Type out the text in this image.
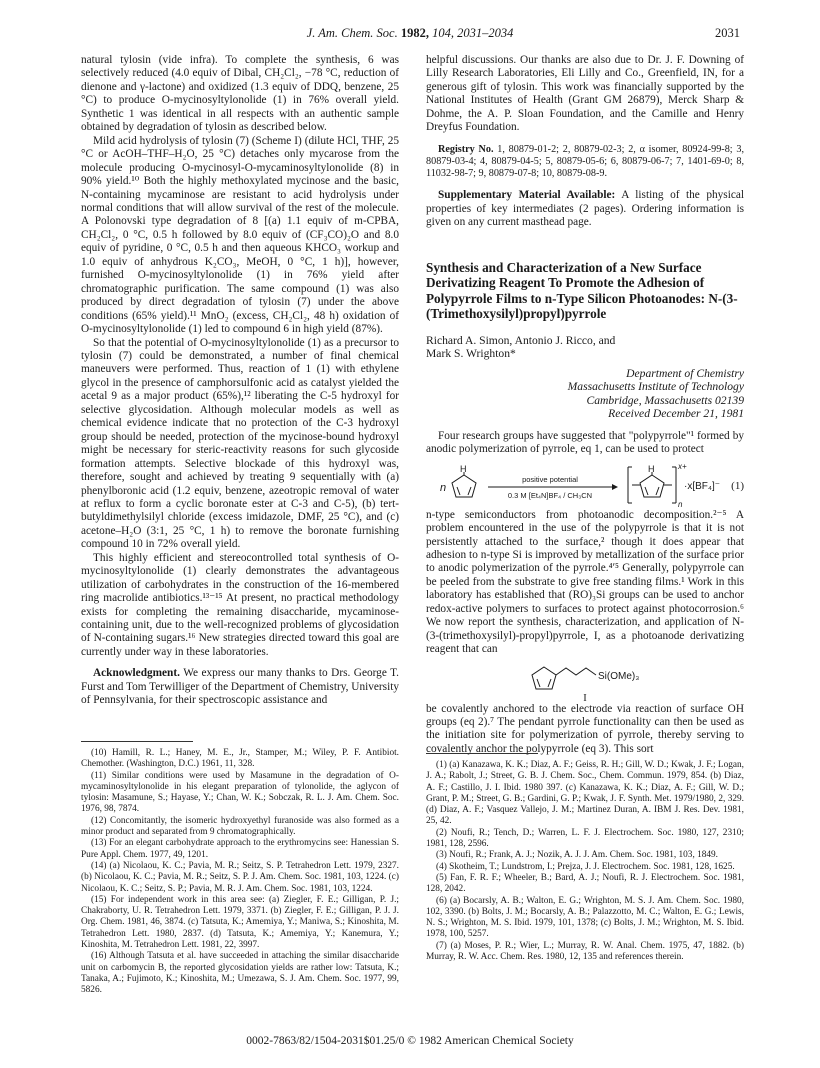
J. Am. Chem. Soc. 1982, 104, 2031–2034	2031

natural tylosin (vide infra). To complete the synthesis, 6 was selectively reduced (4.0 equiv of Dibal, CH₂Cl₂, −78 °C, reduction of dienone and γ-lactone) and oxidized (1.3 equiv of DDQ, benzene, 25 °C) to produce O-mycinosyltylonolide (1) in 76% overall yield. Synthetic 1 was identical in all respects with an authentic sample obtained by degradation of tylosin as described below.

Mild acid hydrolysis of tylosin (7) (Scheme I) (dilute HCl, THF, 25 °C or AcOH–THF–H₂O, 25 °C) detaches only mycarose from the molecule producing O-mycinosyl-O-mycaminosyltylonolide (8) in 90% yield.¹⁰ Both the highly methoxylated mycinose and the basic, N-containing mycaminose are resistant to acid hydrolysis under normal conditions that will allow survival of the rest of the molecule. A Polonovski type degradation of 8 [(a) 1.1 equiv of m-CPBA, CH₂Cl₂, 0 °C, 0.5 h followed by 8.0 equiv of (CF₃CO)₂O and 8.0 equiv of pyridine, 0 °C, 0.5 h and then aqueous KHCO₃ workup and 1.0 equiv of anhydrous K₂CO₃, MeOH, 0 °C, 1 h)], however, furnished O-mycinosyltylonolide (1) in 76% yield after chromatographic purification. The same compound (1) was also produced by direct degradation of tylosin (7) under the above conditions (65% yield).¹¹ MnO₂ (excess, CH₂Cl₂, 48 h) oxidation of O-mycinosyltylonolide (1) led to compound 6 in high yield (87%).

So that the potential of O-mycinosyltylonolide (1) as a precursor to tylosin (7) could be demonstrated, a number of final chemical maneuvers were performed. Thus, reaction of 1 (1) with ethylene glycol in the presence of camphorsulfonic acid as catalyst yielded the acetal 9 as a major product (65%),¹² liberating the C-5 hydroxyl for selective glycosidation. Although molecular models as well as chemical evidence indicate that no protection of the C-3 hydroxyl group should be needed, protection of the mycinose-bound hydroxyl might be necessary for steric-reactivity reasons for such glycoside formation attempts. Selective blockade of this hydroxyl was, therefore, sought and achieved by treating 9 sequentially with (a) phenylboronic acid (1.2 equiv, benzene, azeotropic removal of water at reflux to form a cyclic boronate ester at C-3 and C-5), (b) tert-butyldimethylsilyl chloride (excess imidazole, DMF, 25 °C), and (c) acetone–H₂O (3:1, 25 °C, 1 h) to remove the boronate furnishing compound 10 in 72% overall yield.

This highly efficient and stereocontrolled total synthesis of O-mycinosyltylonolide (1) clearly demonstrates the advantageous utilization of carbohydrates in the construction of the 16-membered ring macrolide antibiotics.¹³⁻¹⁵ At present, no practical methodology exists for completing the remaining disaccharide, mycaminose-containing unit, due to the well-recognized problems of glycosidation of N-containing sugars.¹⁶ New strategies directed toward this goal are currently under way in these laboratories.

Acknowledgment. We express our many thanks to Drs. George T. Furst and Tom Terwilliger of the Department of Chemistry, University of Pennsylvania, for their spectroscopic assistance and

(10) Hamill, R. L.; Haney, M. E., Jr., Stamper, M.; Wiley, P. F. Antibiot. Chemother. (Washington, D.C.) 1961, 11, 328.

(11) Similar conditions were used by Masamune in the degradation of O-mycaminosyltylonolide in his elegant preparation of tylonolide, the aglycon of tylosin: Masamune, S.; Hayase, Y.; Chan, W. K.; Sobczak, R. L. J. Am. Chem. Soc. 1976, 98, 7874.

(12) Concomitantly, the isomeric hydroxyethyl furanoside was also formed as a minor product and separated from 9 chromatographically.

(13) For an elegant carbohydrate approach to the erythromycins see: Hanessian S. Pure Appl. Chem. 1977, 49, 1201.

(14) (a) Nicolaou, K. C.; Pavia, M. R.; Seitz, S. P. Tetrahedron Lett. 1979, 2327. (b) Nicolaou, K. C.; Pavia, M. R.; Seitz, S. P. J. Am. Chem. Soc. 1981, 103, 1224. (c) Nicolaou, K. C.; Seitz, S. P.; Pavia, M. R. J. Am. Chem. Soc. 1981, 103, 1224.

(15) For independent work in this area see: (a) Ziegler, F. E.; Gilligan, P. J.; Chakraborty, U. R. Tetrahedron Lett. 1979, 3371. (b) Ziegler, F. E.; Gilligan, P. J. J. Org. Chem. 1981, 46, 3874. (c) Tatsuta, K.; Amemiya, Y.; Maniwa, S.; Kinoshita, M. Tetrahedron Lett. 1980, 2837. (d) Tatsuta, K.; Amemiya, Y.; Kanemura, Y.; Kinoshita, M. Tetrahedron Lett. 1981, 22, 3997.

(16) Although Tatsuta et al. have succeeded in attaching the similar disaccharide unit on carbomycin B, the reported glycosidation yields are rather low: Tatsuta, K.; Tanaka, A.; Fujimoto, K.; Kinoshita, M.; Umezawa, S. J. Am. Chem. Soc. 1977, 99, 5826.

helpful discussions. Our thanks are also due to Dr. J. F. Downing of Lilly Research Laboratories, Eli Lilly and Co., Greenfield, IN, for a generous gift of tylosin. This work was financially supported by the National Institutes of Health (Grant GM 26879), Merck Sharp & Dohme, the A. P. Sloan Foundation, and the Camille and Henry Dreyfus Foundation.

Registry No. 1, 80879-01-2; 2, 80879-02-3; 2, α isomer, 80924-99-8; 3, 80879-03-4; 4, 80879-04-5; 5, 80879-05-6; 6, 80879-06-7; 7, 1401-69-0; 8, 11032-98-7; 9, 80879-07-8; 10, 80879-08-9.

Supplementary Material Available: A listing of the physical properties of key intermediates (2 pages). Ordering information is given on any current masthead page.

Synthesis and Characterization of a New Surface Derivatizing Reagent To Promote the Adhesion of Polypyrrole Films to n-Type Silicon Photoanodes: N-(3-(Trimethoxysilyl)propyl)pyrrole

Richard A. Simon, Antonio J. Ricco, and
Mark S. Wrighton*
Department of Chemistry
Massachusetts Institute of Technology
Cambridge, Massachusetts 02139
Received December 21, 1981

Four research groups have suggested that "polypyrrole"¹ formed by anodic polymerization of pyrrole, eq 1, can be used to protect

n
H
positive potential
0.3 M [Et₄N]BF₄ / CH₃CN
H	x+
n
·x[BF₄]⁻ (1)

n-type semiconductors from photoanodic decomposition.²⁻⁵ A problem encountered in the use of the polypyrrole is that it is not persistently attached to the surface,² though it does appear that adhesion to n-type Si is improved by metallization of the surface prior to anodic polymerization of the pyrrole.⁴ʹ⁵ Generally, polypyrrole can be peeled from the substrate to give free standing films.¹ Work in this laboratory has established that (RO)₃Si groups can be used to anchor redox-active polymers to surfaces to protect against photocorrosion.⁶ We now report the synthesis, characterization, and application of N-(3-(trimethoxysilyl)-propyl)pyrrole, I, as a photoanode derivatizing reagent that can

Si(OMe)₃
I

be covalently anchored to the electrode via reaction of surface OH groups (eq 2).⁷ The pendant pyrrole functionality can then be used as the initiation site for polymerization of pyrrole, thereby serving to covalently anchor the polypyrrole (eq 3). This sort

(1) (a) Kanazawa, K. K.; Diaz, A. F.; Geiss, R. H.; Gill, W. D.; Kwak, J. F.; Logan, J. A.; Rabolt, J.; Street, G. B. J. Chem. Soc., Chem. Commun. 1979, 854. (b) Diaz, A. F.; Castillo, J. I. Ibid. 1980 397. (c) Kanazawa, K. K.; Diaz, A. F.; Gill, W. D.; Grant, P. M.; Street, G. B.; Gardini, G. P.; Kwak, J. F. Synth. Met. 1979/1980, 2, 329. (d) Diaz, A. F.; Vasquez Vallejo, J. M.; Martinez Duran, A. IBM J. Res. Dev. 1981, 25, 42.

(2) Noufi, R.; Tench, D.; Warren, L. F. J. Electrochem. Soc. 1980, 127, 2310; 1981, 128, 2596.

(3) Noufi, R.; Frank, A. J.; Nozik, A. J. J. Am. Chem. Soc. 1981, 103, 1849.

(4) Skotheim, T.; Lundstrom, I.; Prejza, J. J. Electrochem. Soc. 1981, 128, 1625.

(5) Fan, F. R. F.; Wheeler, B.; Bard, A. J.; Noufi, R. J. Electrochem. Soc. 1981, 128, 2042.

(6) (a) Bocarsly, A. B.; Walton, E. G.; Wrighton, M. S. J. Am. Chem. Soc. 1980, 102, 3390. (b) Bolts, J. M.; Bocarsly, A. B.; Palazzotto, M. C.; Walton, E. G.; Lewis, N. S.; Wrighton, M. S. Ibid. 1979, 101, 1378; (c) Bolts, J. M.; Wrighton, M. S. Ibid. 1978, 100, 5257.

(7) (a) Moses, P. R.; Wier, L.; Murray, R. W. Anal. Chem. 1975, 47, 1882. (b) Murray, R. W. Acc. Chem. Res. 1980, 12, 135 and references therein.

0002-7863/82/1504-2031$01.25/0 © 1982 American Chemical Society
